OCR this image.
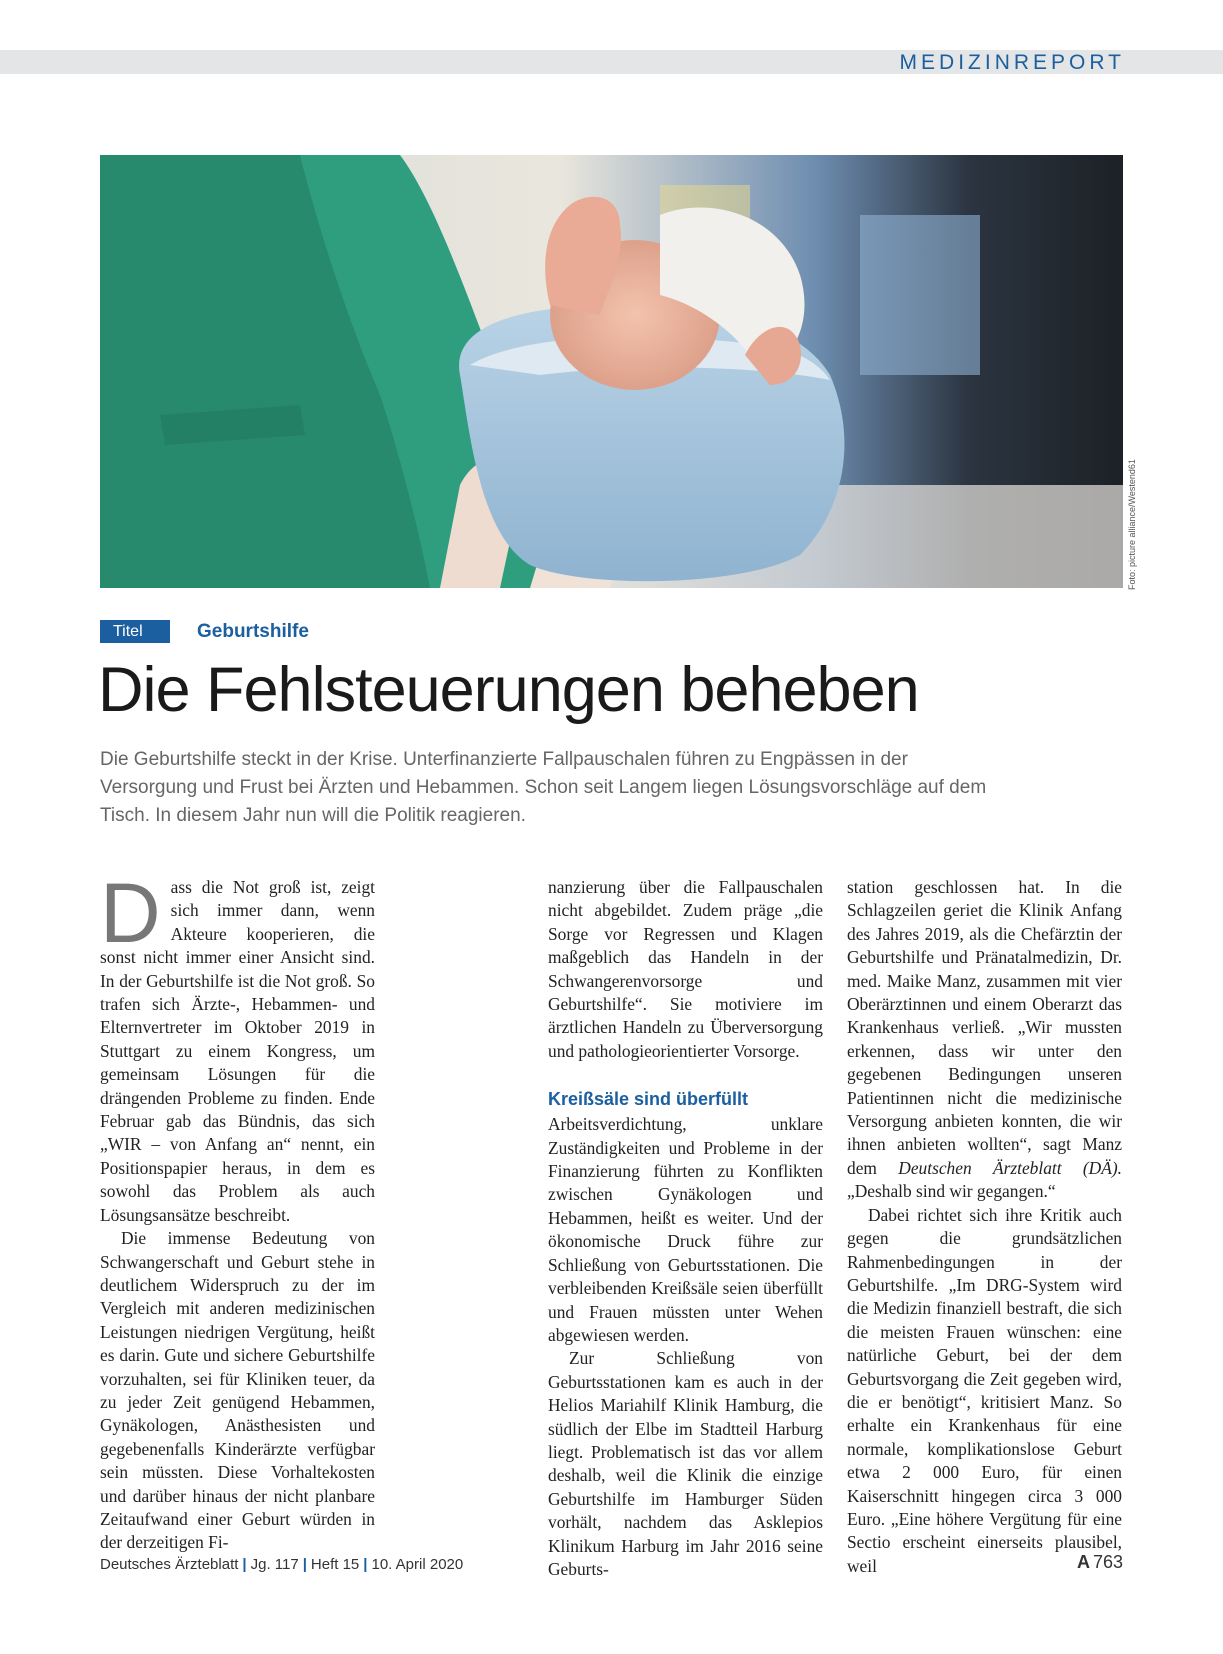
MEDIZINREPORT
Foto: picture alliance/Westend61
Titel	Geburtshilfe
Die Fehlsteuerungen beheben

Die Geburtshilfe steckt in der Krise. Unterfinanzierte Fallpauschalen führen zu Engpässen in der Versorgung und Frust bei Ärzten und Hebammen. Schon seit Langem liegen Lösungsvorschläge auf dem Tisch. In diesem Jahr nun will die Politik reagieren.

D ass die Not groß ist, zeigt sich immer dann, wenn Akteure kooperieren, die sonst nicht immer einer Ansicht sind. In der Geburtshilfe ist die Not groß. So trafen sich Ärzte-, Hebammen- und Elternvertreter im Oktober 2019 in Stuttgart zu einem Kongress, um gemeinsam Lösungen für die drängenden Probleme zu finden. Ende Februar gab das Bündnis, das sich „WIR – von Anfang an“ nennt, ein Positionspapier heraus, in dem es sowohl das Problem als auch Lösungsansätze beschreibt.

Die immense Bedeutung von Schwangerschaft und Geburt stehe in deutlichem Widerspruch zu der im Vergleich mit anderen medizinischen Leistungen niedrigen Vergütung, heißt es darin. Gute und sichere Geburtshilfe vorzuhalten, sei für Kliniken teuer, da zu jeder Zeit genügend Hebammen, Gynäkologen, Anästhesisten und gegebenenfalls Kinderärzte verfügbar sein müssten. Diese Vorhaltekosten und darüber hinaus der nicht planbare Zeitaufwand einer Geburt würden in der derzeitigen Fi-

nanzierung über die Fallpauschalen nicht abgebildet. Zudem präge „die Sorge vor Regressen und Klagen maßgeblich das Handeln in der Schwangerenvorsorge und Geburtshilfe“. Sie motiviere im ärztlichen Handeln zu Überversorgung und pathologieorientierter Vorsorge.

Kreißsäle sind überfüllt

Arbeitsverdichtung, unklare Zuständigkeiten und Probleme in der Finanzierung führten zu Konflikten zwischen Gynäkologen und Hebammen, heißt es weiter. Und der ökonomische Druck führe zur Schließung von Geburtsstationen. Die verbleibenden Kreißsäle seien überfüllt und Frauen müssten unter Wehen abgewiesen werden.

Zur Schließung von Geburtsstationen kam es auch in der Helios Mariahilf Klinik Hamburg, die südlich der Elbe im Stadtteil Harburg liegt. Problematisch ist das vor allem deshalb, weil die Klinik die einzige Geburtshilfe im Hamburger Süden vorhält, nachdem das Asklepios Klinikum Harburg im Jahr 2016 seine Geburts-

station geschlossen hat. In die Schlagzeilen geriet die Klinik Anfang des Jahres 2019, als die Chefärztin der Geburtshilfe und Pränatalmedizin, Dr. med. Maike Manz, zusammen mit vier Oberärztinnen und einem Oberarzt das Krankenhaus verließ. „Wir mussten erkennen, dass wir unter den gegebenen Bedingungen unseren Patientinnen nicht die medizinische Versorgung anbieten konnten, die wir ihnen anbieten wollten“, sagt Manz dem Deutschen Ärzteblatt (DÄ). „Deshalb sind wir gegangen.“

Dabei richtet sich ihre Kritik auch gegen die grundsätzlichen Rahmenbedingungen in der Geburtshilfe. „Im DRG-System wird die Medizin finanziell bestraft, die sich die meisten Frauen wünschen: eine natürliche Geburt, bei der dem Geburtsvorgang die Zeit gegeben wird, die er benötigt“, kritisiert Manz. So erhalte ein Krankenhaus für eine normale, komplikationslose Geburt etwa 2 000 Euro, für einen Kaiserschnitt hingegen circa 3 000 Euro. „Eine höhere Vergütung für eine Sectio erscheint einerseits plausibel, weil

Deutsches Ärzteblatt | Jg. 117 | Heft 15 | 10. April 2020	A 763
